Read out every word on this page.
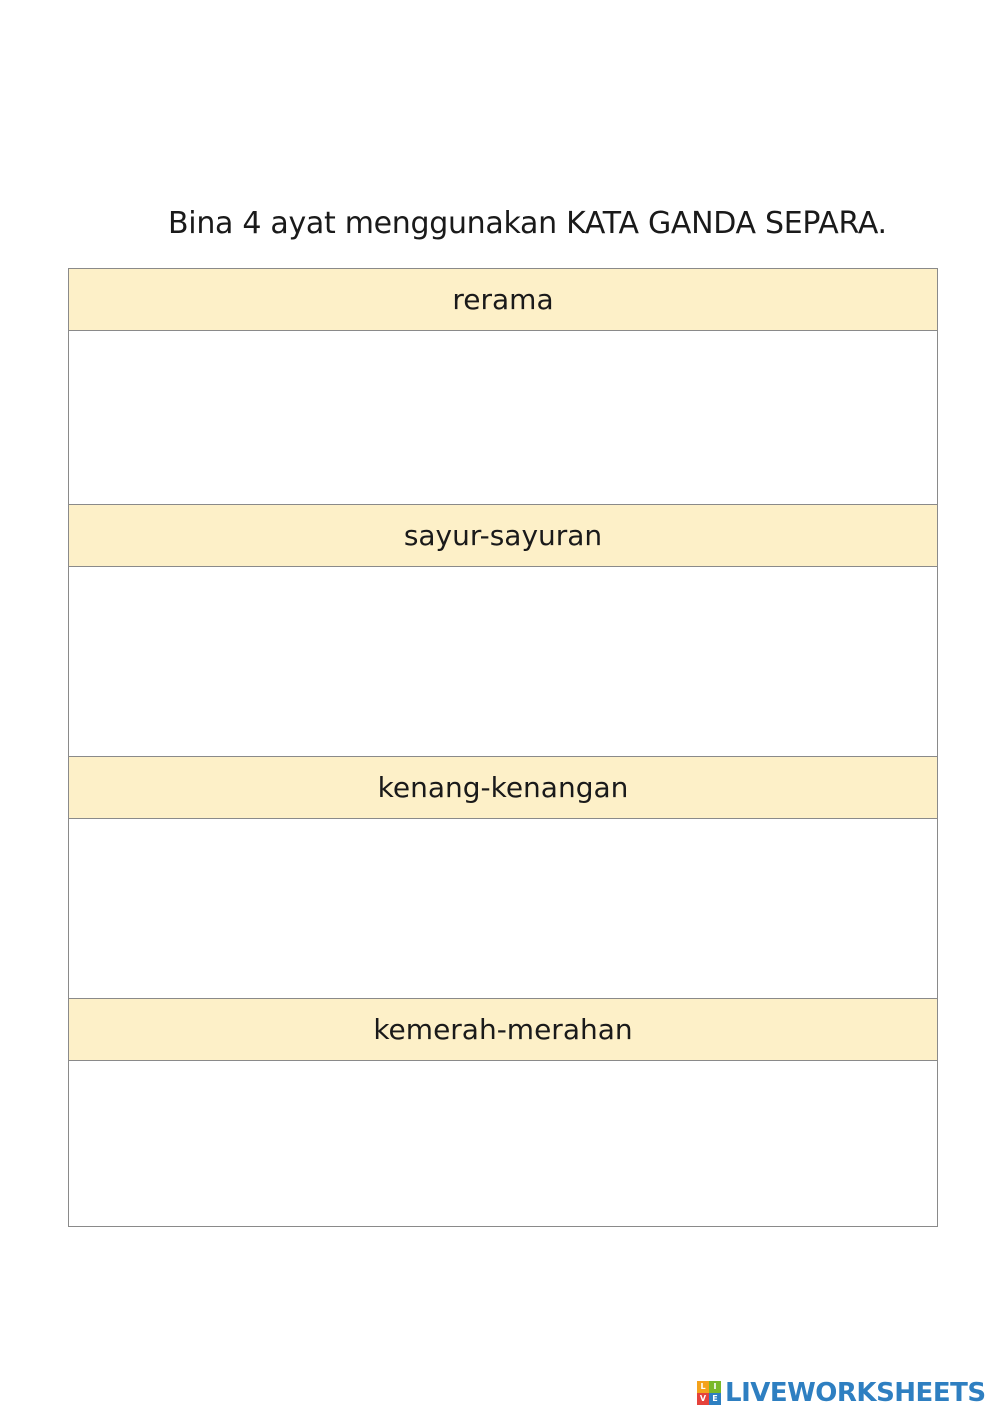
Bina 4 ayat menggunakan KATA GANDA SEPARA.
rerama
sayur-sayuran
kenang-kenangan
kemerah-merahan
L I
V E LIVEWORKSHEETS
